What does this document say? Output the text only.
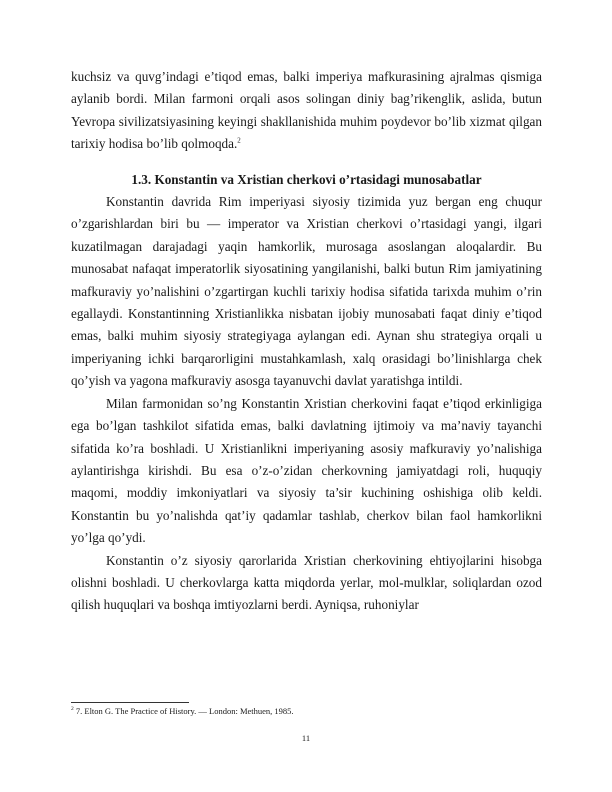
kuchsiz va quvg’indagi e’tiqod emas, balki imperiya mafkurasining ajralmas qismiga aylanib bordi. Milan farmoni orqali asos solingan diniy bag’rikenglik, aslida, butun Yevropa sivilizatsiyasining keyingi shakllanishida muhim poydevor bo’lib xizmat qilgan tarixiy hodisa bo’lib qolmoqda.$^2$

1.3. Konstantin va Xristian cherkovi o’rtasidagi munosabatlar

Konstantin davrida Rim imperiyasi siyosiy tizimida yuz bergan eng chuqur o’zgarishlardan biri bu — imperator va Xristian cherkovi o’rtasidagi yangi, ilgari kuzatilmagan darajadagi yaqin hamkorlik, murosaga asoslangan aloqalardir. Bu munosabat nafaqat imperatorlik siyosatining yangilanishi, balki butun Rim jamiyatining mafkuraviy yo’nalishini o’zgartirgan kuchli tarixiy hodisa sifatida tarixda muhim o’rin egallaydi. Konstantinning Xristianlikka nisbatan ijobiy munosabati faqat diniy e’tiqod emas, balki muhim siyosiy strategiyaga aylangan edi. Aynan shu strategiya orqali u imperiyaning ichki barqarorligini mustahkamlash, xalq orasidagi bo’linishlarga chek qo’yish va yagona mafkuraviy asosga tayanuvchi davlat yaratishga intildi.

Milan farmonidan so’ng Konstantin Xristian cherkovini faqat e’tiqod erkinligiga ega bo’lgan tashkilot sifatida emas, balki davlatning ijtimoiy va ma’naviy tayanchi sifatida ko’ra boshladi. U Xristianlikni imperiyaning asosiy mafkuraviy yo’nalishiga aylantirishga kirishdi. Bu esa o’z-o’zidan cherkovning jamiyatdagi roli, huquqiy maqomi, moddiy imkoniyatlari va siyosiy ta’sir kuchining oshishiga olib keldi. Konstantin bu yo’nalishda qat’iy qadamlar tashlab, cherkov bilan faol hamkorlikni yo’lga qo’ydi.

Konstantin o’z siyosiy qarorlarida Xristian cherkovining ehtiyojlarini hisobga olishni boshladi. U cherkovlarga katta miqdorda yerlar, mol-mulklar, soliqlardan ozod qilish huquqlari va boshqa imtiyozlarni berdi. Ayniqsa, ruhoniylar

$^2$ 7. Elton G. The Practice of History. — London: Methuen, 1985.
11
